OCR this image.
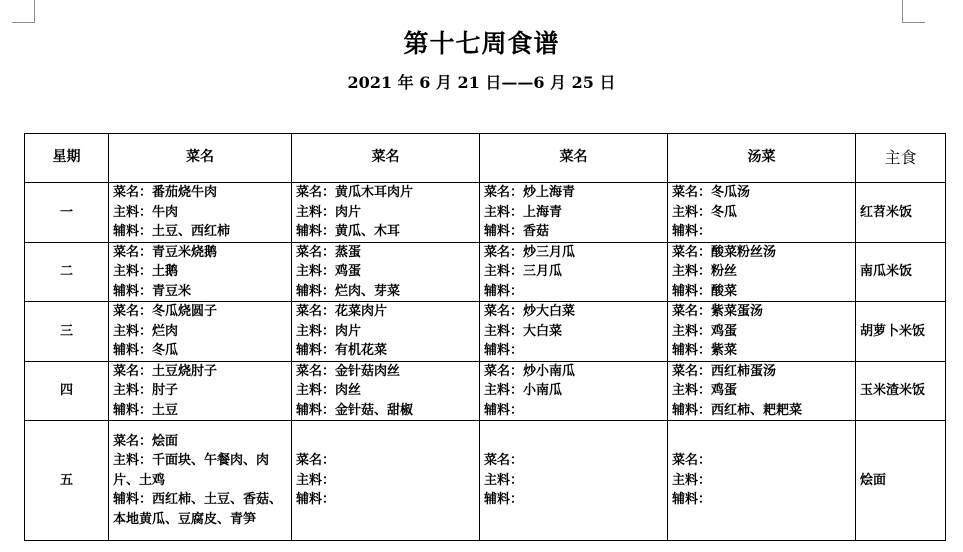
第十七周食谱
2021 年 6 月 21 日——6 月 25 日
星期	菜名	菜名	菜名	汤菜	主食
一	菜名：番茄烧牛肉
主料：牛肉
辅料：土豆、西红柿	菜名：黄瓜木耳肉片
主料：肉片
辅料：黄瓜、木耳	菜名：炒上海青
主料：上海青
辅料：香菇	菜名：冬瓜汤
主料：冬瓜
辅料：	红苕米饭
二	菜名：青豆米烧鹅
主料：土鹅
辅料：青豆米	菜名：蒸蛋
主料：鸡蛋
辅料：烂肉、芽菜	菜名：炒三月瓜
主料：三月瓜
辅料：	菜名：酸菜粉丝汤
主料：粉丝
辅料：酸菜	南瓜米饭
三	菜名：冬瓜烧圆子
主料：烂肉
辅料：冬瓜	菜名：花菜肉片
主料：肉片
辅料：有机花菜	菜名：炒大白菜
主料：大白菜
辅料：	菜名：紫菜蛋汤
主料：鸡蛋
辅料：紫菜	胡萝卜米饭
四	菜名：土豆烧肘子
主料：肘子
辅料：土豆	菜名：金针菇肉丝
主料：肉丝
辅料：金针菇、甜椒	菜名：炒小南瓜
主料：小南瓜
辅料：	菜名：西红柿蛋汤
主料：鸡蛋
辅料：西红柿、耙耙菜	玉米渣米饭
五	菜名：烩面
主料：千面块、午餐肉、肉片、土鸡
辅料：西红柿、土豆、香菇、本地黄瓜、豆腐皮、青笋	菜名：
主料：
辅料：	菜名：
主料：
辅料：	菜名：
主料：
辅料：	烩面
